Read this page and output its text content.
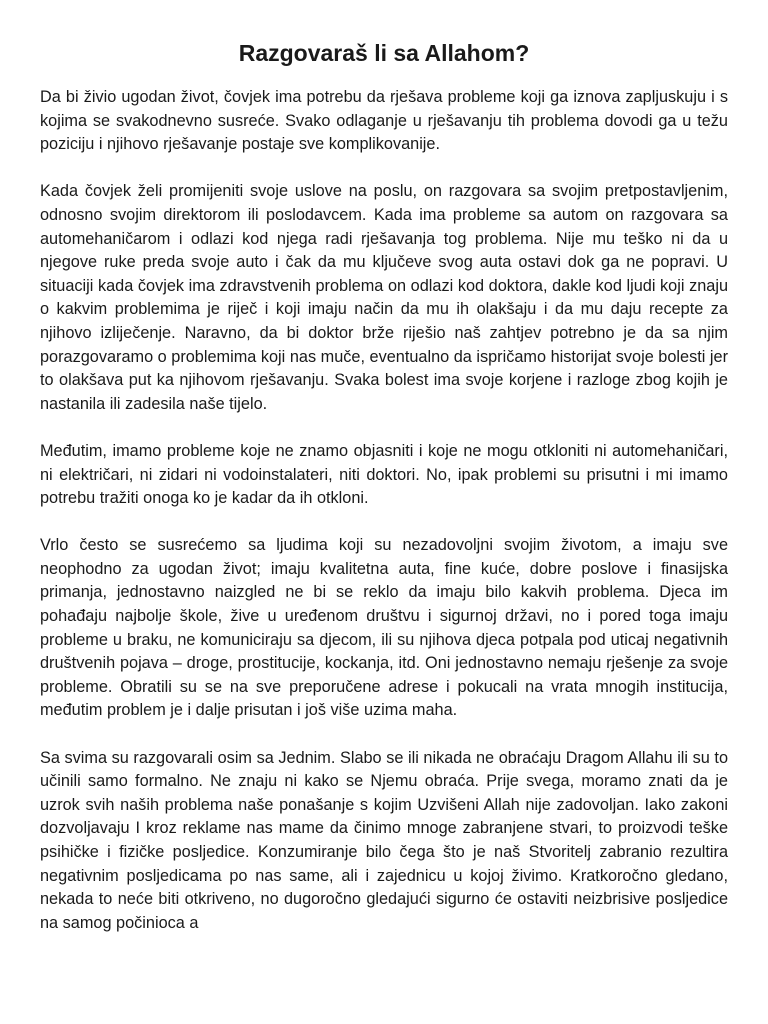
Razgovaraš li sa Allahom?

Da bi živio ugodan život, čovjek ima potrebu da rješava probleme koji ga iznova zapljuskuju i s kojima se svakodnevno susreće. Svako odlaganje u rješavanju tih problema dovodi ga u težu poziciju i njihovo rješavanje postaje sve komplikovanije.

Kada čovjek želi promijeniti svoje uslove na poslu, on razgovara sa svojim pretpostavljenim, odnosno svojim direktorom ili poslodavcem. Kada ima probleme sa autom on razgovara sa automehaničarom i odlazi kod njega radi rješavanja tog problema. Nije mu teško ni da u njegove ruke preda svoje auto i čak da mu ključeve svog auta ostavi dok ga ne popravi. U situaciji kada čovjek ima zdravstvenih problema on odlazi kod doktora, dakle kod ljudi koji znaju o kakvim problemima je riječ i koji imaju način da mu ih olakšaju i da mu daju recepte za njihovo izliječenje. Naravno, da bi doktor brže riješio naš zahtjev potrebno je da sa njim porazgovaramo o problemima koji nas muče, eventualno da ispričamo historijat svoje bolesti jer to olakšava put ka njihovom rješavanju. Svaka bolest ima svoje korjene i razloge zbog kojih je nastanila ili zadesila naše tijelo.

Međutim, imamo probleme koje ne znamo objasniti i koje ne mogu otkloniti ni automehaničari, ni električari, ni zidari ni vodoinstalateri, niti doktori. No, ipak problemi su prisutni i mi imamo potrebu tražiti onoga ko je kadar da ih otkloni.

Vrlo često se susrećemo sa ljudima koji su nezadovoljni svojim životom, a imaju sve neophodno za ugodan život; imaju kvalitetna auta, fine kuće, dobre poslove i finasijska primanja, jednostavno naizgled ne bi se reklo da imaju bilo kakvih problema. Djeca im pohađaju najbolje škole, žive u uređenom društvu i sigurnoj državi, no i pored toga imaju probleme u braku, ne komuniciraju sa djecom, ili su njihova djeca potpala pod uticaj negativnih društvenih pojava – droge, prostitucije, kockanja, itd. Oni jednostavno nemaju rješenje za svoje probleme. Obratili su se na sve preporučene adrese i pokucali na vrata mnogih institucija, međutim problem je i dalje prisutan i još više uzima maha.

Sa svima su razgovarali osim sa Jednim. Slabo se ili nikada ne obraćaju Dragom Allahu ili su to učinili samo formalno. Ne znaju ni kako se Njemu obraća. Prije svega, moramo znati da je uzrok svih naših problema naše ponašanje s kojim Uzvišeni Allah nije zadovoljan. Iako zakoni dozvoljavaju I kroz reklame nas mame da činimo mnoge zabranjene stvari, to proizvodi teške psihičke i fizičke posljedice. Konzumiranje bilo čega što je naš Stvoritelj zabranio rezultira negativnim posljedicama po nas same, ali i zajednicu u kojoj živimo. Kratkoročno gledano, nekada to neće biti otkriveno, no dugoročno gledajući sigurno će ostaviti neizbrisive posljedice na samog počinioca a
